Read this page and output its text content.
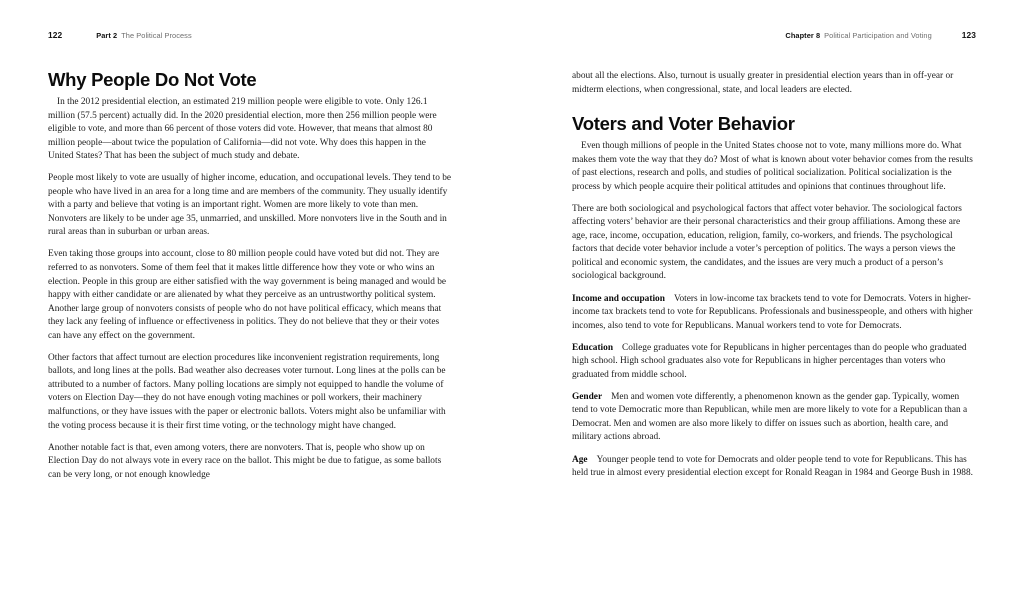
122	Part 2 The Political Process
Why People Do Not Vote

In the 2012 presidential election, an estimated 219 million people were eligible to vote. Only 126.1 million (57.5 percent) actually did. In the 2020 presidential election, more then 256 million people were eligible to vote, and more than 66 percent of those voters did vote. However, that means that almost 80 million people—about twice the population of California—did not vote. Why does this happen in the United States? That has been the subject of much study and debate.

People most likely to vote are usually of higher income, education, and occupational levels. They tend to be people who have lived in an area for a long time and are members of the community. They usually identify with a party and believe that voting is an important right. Women are more likely to vote than men. Nonvoters are likely to be under age 35, unmarried, and unskilled. More nonvoters live in the South and in rural areas than in suburban or urban areas.

Even taking those groups into account, close to 80 million people could have voted but did not. They are referred to as nonvoters. Some of them feel that it makes little difference how they vote or who wins an election. People in this group are either satisfied with the way government is being managed and would be happy with either candidate or are alienated by what they perceive as an untrustworthy political system. Another large group of nonvoters consists of people who do not have political efficacy, which means that they lack any feeling of influence or effectiveness in politics. They do not believe that they or their votes can have any effect on the government.

Other factors that affect turnout are election procedures like inconvenient registration requirements, long ballots, and long lines at the polls. Bad weather also decreases voter turnout. Long lines at the polls can be attributed to a number of factors. Many polling locations are simply not equipped to handle the volume of voters on Election Day—they do not have enough voting machines or poll workers, their machinery malfunctions, or they have issues with the paper or electronic ballots. Voters might also be unfamiliar with the voting process because it is their first time voting, or the technology might have changed.

Another notable fact is that, even among voters, there are nonvoters. That is, people who show up on Election Day do not always vote in every race on the ballot. This might be due to fatigue, as some ballots can be very long, or not enough knowledge

Chapter 8 Political Participation and Voting	123

about all the elections. Also, turnout is usually greater in presidential election years than in off-year or midterm elections, when congressional, state, and local leaders are elected.

Voters and Voter Behavior

Even though millions of people in the United States choose not to vote, many millions more do. What makes them vote the way that they do? Most of what is known about voter behavior comes from the results of past elections, research and polls, and studies of political socialization. Political socialization is the process by which people acquire their political attitudes and opinions that continues throughout life.

There are both sociological and psychological factors that affect voter behavior. The sociological factors affecting voters’ behavior are their personal characteristics and their group affiliations. Among these are age, race, income, occupation, education, religion, family, co-workers, and friends. The psychological factors that decide voter behavior include a voter’s perception of politics. The ways a person views the political and economic system, the candidates, and the issues are very much a product of a person’s sociological background.

Income and occupation Voters in low-income tax brackets tend to vote for Democrats. Voters in higher-income tax brackets tend to vote for Republicans. Professionals and businesspeople, and others with higher incomes, also tend to vote for Republicans. Manual workers tend to vote for Democrats.

Education College graduates vote for Republicans in higher percentages than do people who graduated high school. High school graduates also vote for Republicans in higher percentages than voters who graduated from middle school.

Gender Men and women vote differently, a phenomenon known as the gender gap. Typically, women tend to vote Democratic more than Republican, while men are more likely to vote for a Republican than a Democrat. Men and women are also more likely to differ on issues such as abortion, health care, and military actions abroad.

Age Younger people tend to vote for Democrats and older people tend to vote for Republicans. This has held true in almost every presidential election except for Ronald Reagan in 1984 and George Bush in 1988.
